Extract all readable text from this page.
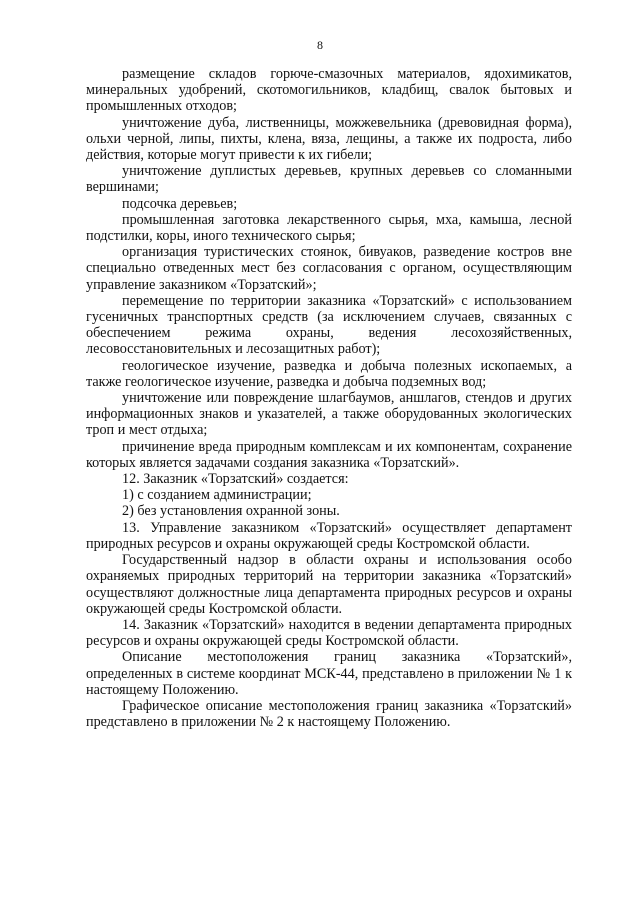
8

размещение складов горюче-смазочных материалов, ядохимикатов, минеральных удобрений, скотомогильников, кладбищ, свалок бытовых и промышленных отходов;

уничтожение дуба, лиственницы, можжевельника (древовидная форма), ольхи черной, липы, пихты, клена, вяза, лещины, а также их подроста, либо действия, которые могут привести к их гибели;

уничтожение дуплистых деревьев, крупных деревьев со сломанными вершинами;

подсочка деревьев;

промышленная заготовка лекарственного сырья, мха, камыша, лесной подстилки, коры, иного технического сырья;

организация туристических стоянок, бивуаков, разведение костров вне специально отведенных мест без согласования с органом, осуществляющим управление заказником «Торзатский»;

перемещение по территории заказника «Торзатский» с использованием гусеничных транспортных средств (за исключением случаев, связанных с обеспечением режима охраны, ведения лесохозяйственных, лесовосстановительных и лесозащитных работ);

геологическое изучение, разведка и добыча полезных ископаемых, а также геологическое изучение, разведка и добыча подземных вод;

уничтожение или повреждение шлагбаумов, аншлагов, стендов и других информационных знаков и указателей, а также оборудованных экологических троп и мест отдыха;

причинение вреда природным комплексам и их компонентам, сохранение которых является задачами создания заказника «Торзатский».

12. Заказник «Торзатский» создается:

1) с созданием администрации;

2) без установления охранной зоны.

13. Управление заказником «Торзатский» осуществляет департамент природных ресурсов и охраны окружающей среды Костромской области.

Государственный надзор в области охраны и использования особо охраняемых природных территорий на территории заказника «Торзатский» осуществляют должностные лица департамента природных ресурсов и охраны окружающей среды Костромской области.

14. Заказник «Торзатский» находится в ведении департамента природных ресурсов и охраны окружающей среды Костромской области.

Описание местоположения границ заказника «Торзатский», определенных в системе координат МСК-44, представлено в приложении № 1 к настоящему Положению.

Графическое описание местоположения границ заказника «Торзатский» представлено в приложении № 2 к настоящему Положению.
